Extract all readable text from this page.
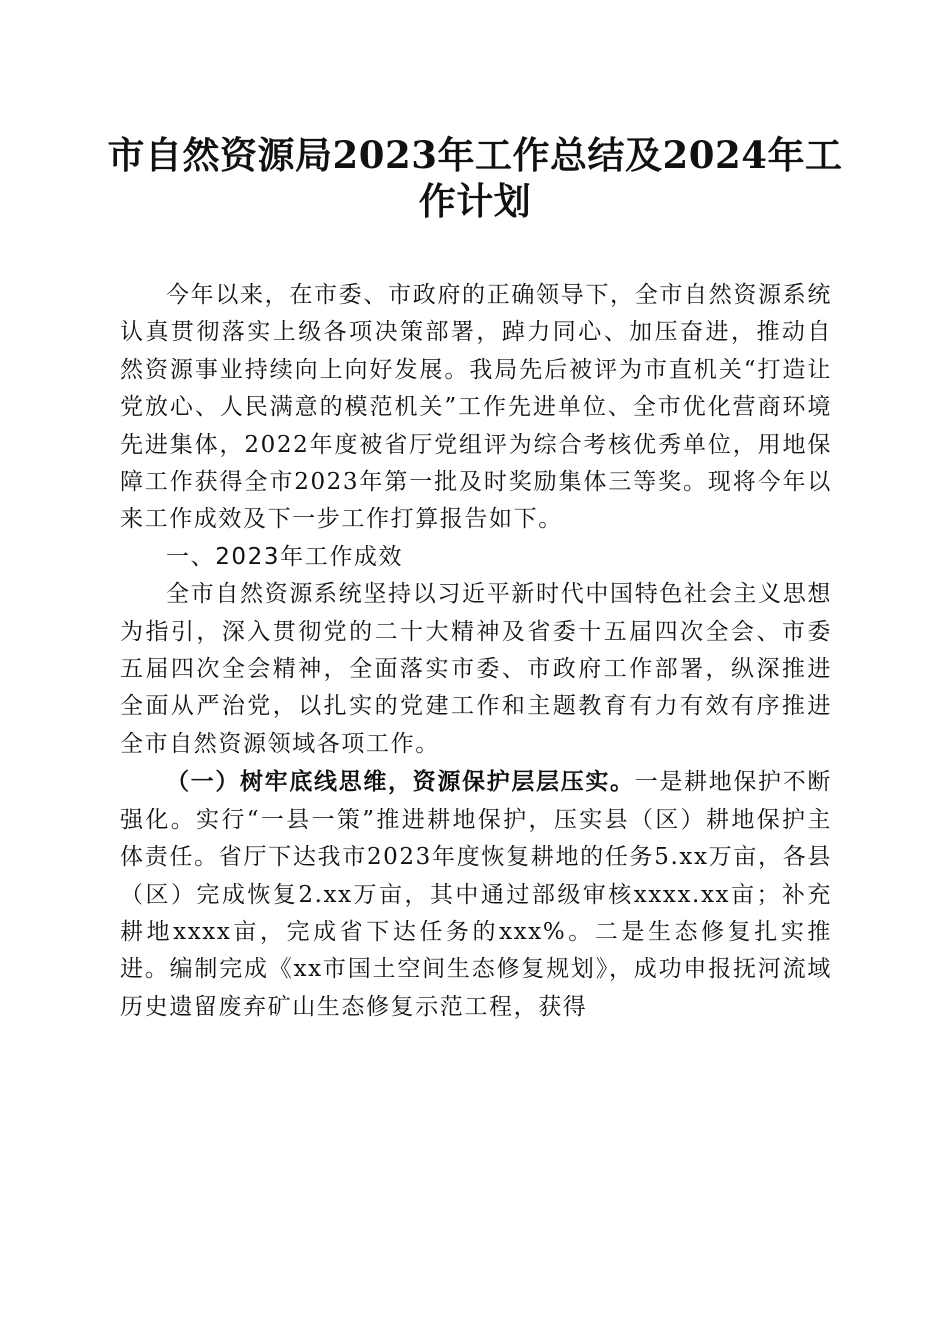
市自然资源局2023年工作总结及2024年工作计划

今年以来，在市委、市政府的正确领导下，全市自然资源系统认真贯彻落实上级各项决策部署，踔力同心、加压奋进，推动自然资源事业持续向上向好发展。我局先后被评为市直机关“打造让党放心、人民满意的模范机关”工作先进单位、全市优化营商环境先进集体，2022年度被省厅党组评为综合考核优秀单位，用地保障工作获得全市2023年第一批及时奖励集体三等奖。现将今年以来工作成效及下一步工作打算报告如下。

一、2023年工作成效

全市自然资源系统坚持以习近平新时代中国特色社会主义思想为指引，深入贯彻党的二十大精神及省委十五届四次全会、市委五届四次全会精神，全面落实市委、市政府工作部署，纵深推进全面从严治党，以扎实的党建工作和主题教育有力有效有序推进全市自然资源领域各项工作。

（一）树牢底线思维，资源保护层层压实。一是耕地保护不断强化。实行“一县一策”推进耕地保护，压实县（区）耕地保护主体责任。省厅下达我市2023年度恢复耕地的任务5.xx万亩，各县（区）完成恢复2.xx万亩，其中通过部级审核xxxx.xx亩；补充耕地xxxx亩，完成省下达任务的xxx%。二是生态修复扎实推进。编制完成《xx市国土空间生态修复规划》，成功申报抚河流域历史遗留废弃矿山生态修复示范工程，获得
